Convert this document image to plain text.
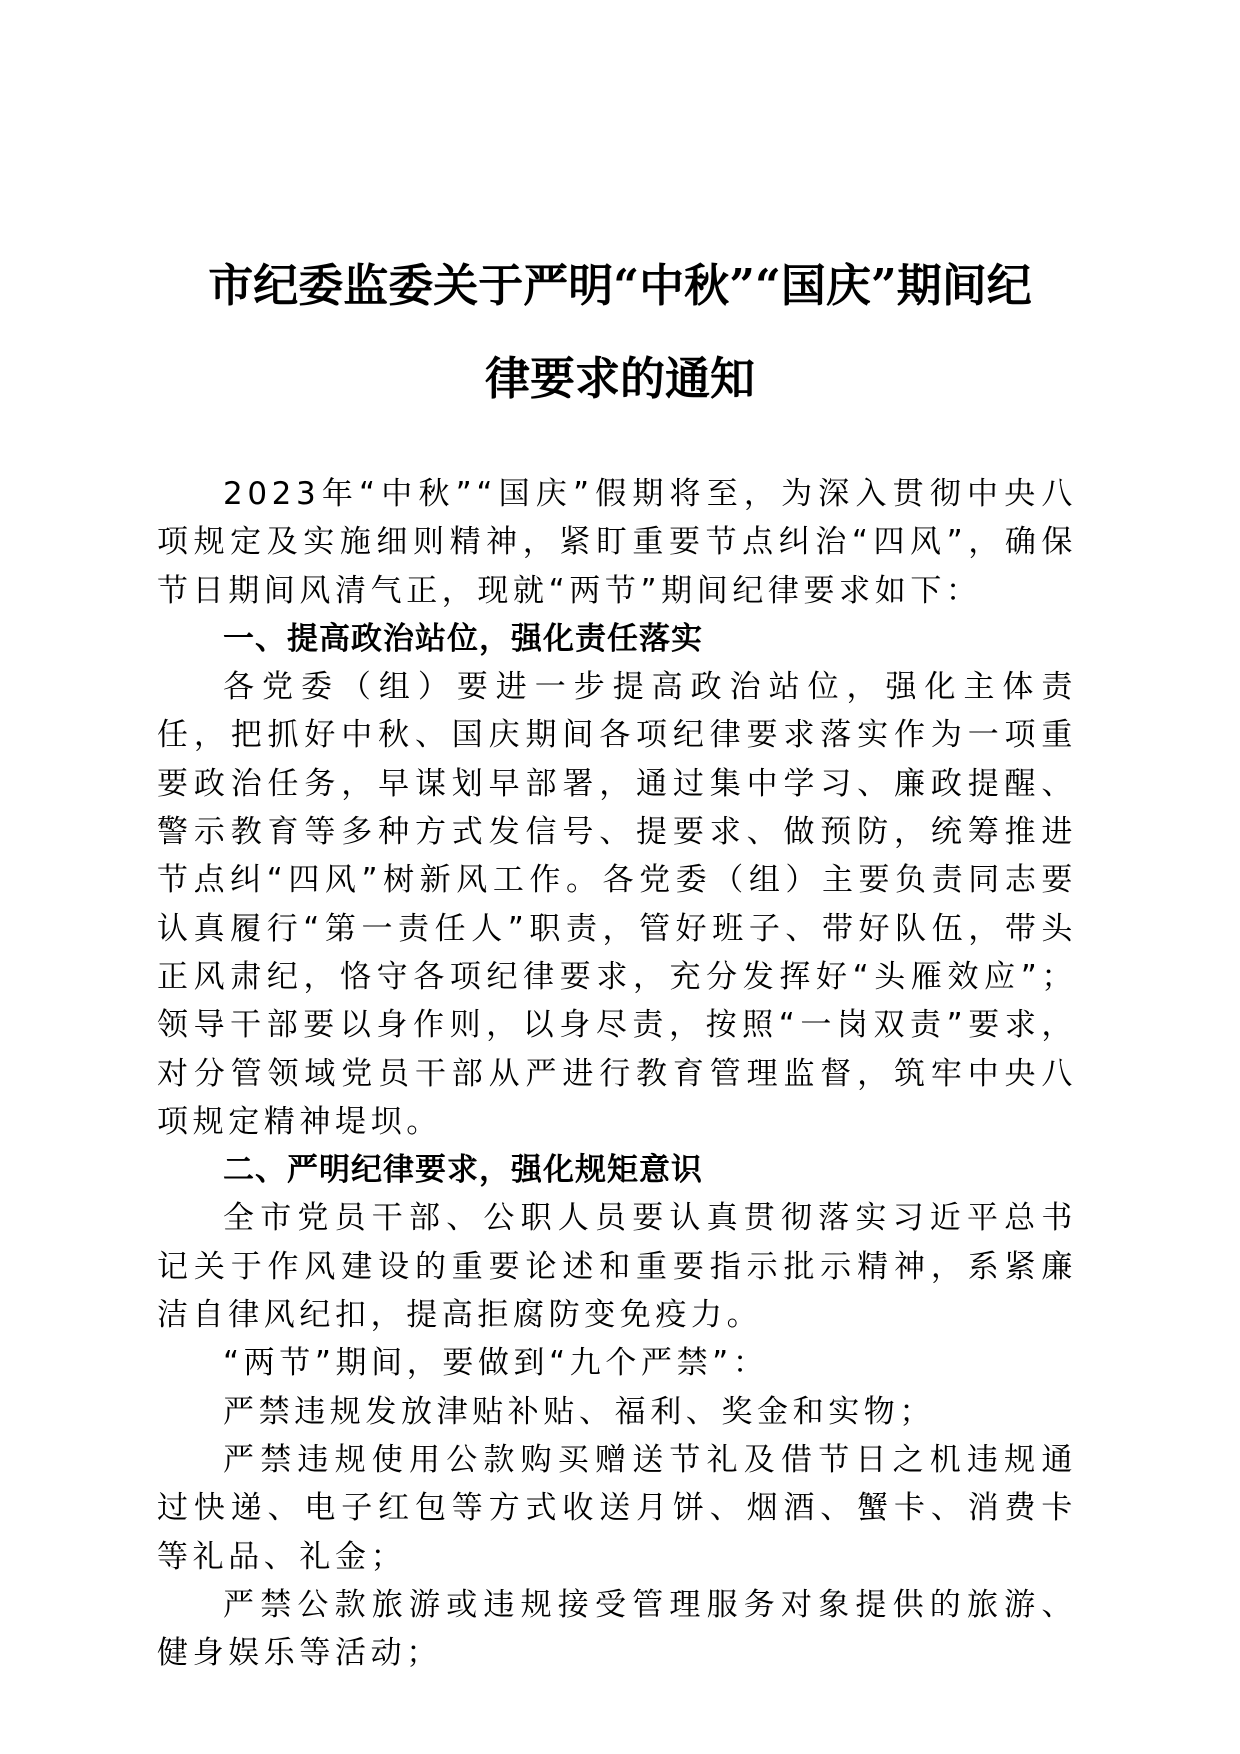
市纪委监委关于严明“中秋”“国庆”期间纪
律要求的通知

2023年“中秋”“国庆”假期将至，为深入贯彻中央八项规定及实施细则精神，紧盯重要节点纠治“四风”，确保节日期间风清气正，现就“两节”期间纪律要求如下：

一、提高政治站位，强化责任落实

各党委（组）要进一步提高政治站位，强化主体责任，把抓好中秋、国庆期间各项纪律要求落实作为一项重要政治任务，早谋划早部署，通过集中学习、廉政提醒、警示教育等多种方式发信号、提要求、做预防，统筹推进节点纠“四风”树新风工作。各党委（组）主要负责同志要认真履行“第一责任人”职责，管好班子、带好队伍，带头正风肃纪，恪守各项纪律要求，充分发挥好“头雁效应”；领导干部要以身作则，以身尽责，按照“一岗双责”要求，对分管领域党员干部从严进行教育管理监督，筑牢中央八项规定精神堤坝。

二、严明纪律要求，强化规矩意识

全市党员干部、公职人员要认真贯彻落实习近平总书记关于作风建设的重要论述和重要指示批示精神，系紧廉洁自律风纪扣，提高拒腐防变免疫力。

“两节”期间，要做到“九个严禁”：

严禁违规发放津贴补贴、福利、奖金和实物；

严禁违规使用公款购买赠送节礼及借节日之机违规通过快递、电子红包等方式收送月饼、烟酒、蟹卡、消费卡等礼品、礼金；

严禁公款旅游或违规接受管理服务对象提供的旅游、健身娱乐等活动；
